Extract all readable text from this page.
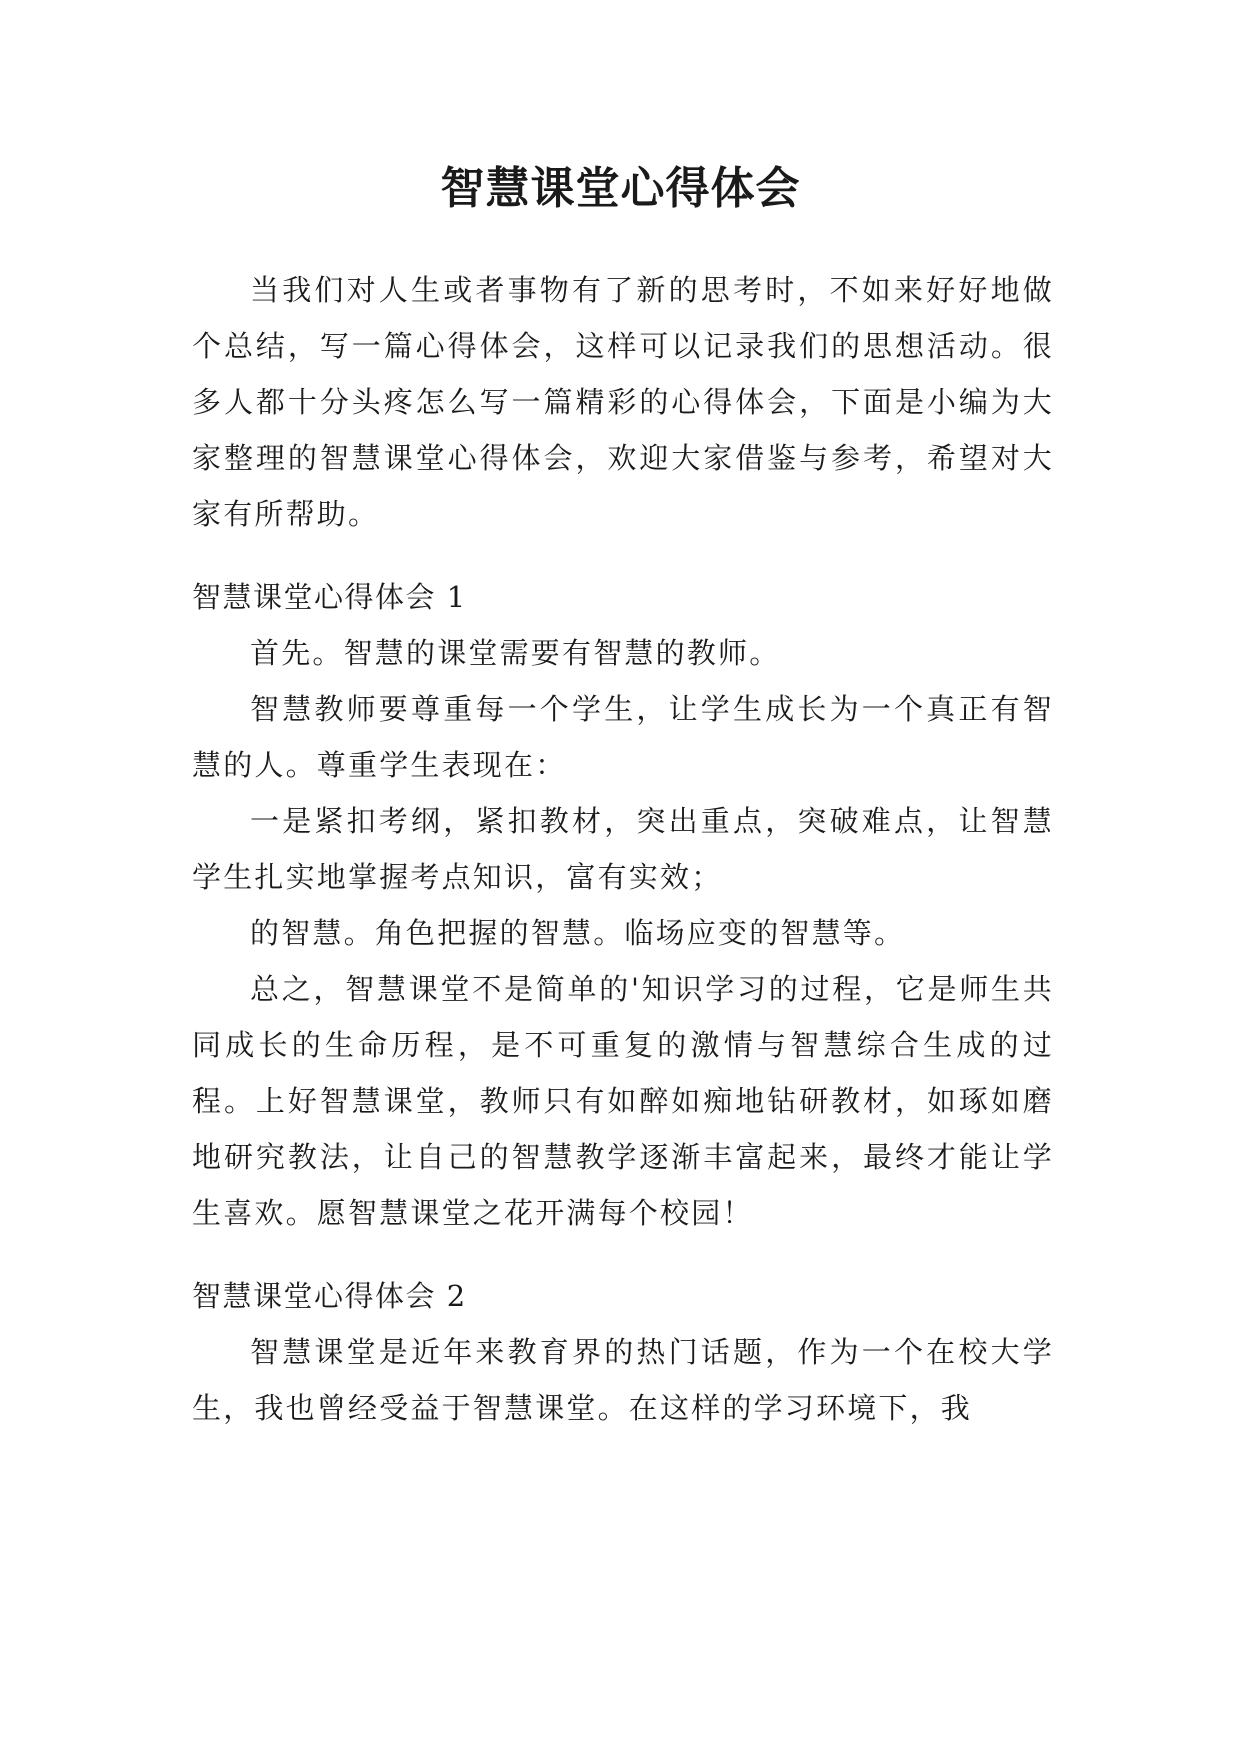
智慧课堂心得体会

当我们对人生或者事物有了新的思考时，不如来好好地做个总结，写一篇心得体会，这样可以记录我们的思想活动。很多人都十分头疼怎么写一篇精彩的心得体会，下面是小编为大家整理的智慧课堂心得体会，欢迎大家借鉴与参考，希望对大家有所帮助。

智慧课堂心得体会 1

首先。智慧的课堂需要有智慧的教师。

智慧教师要尊重每一个学生，让学生成长为一个真正有智慧的人。尊重学生表现在：

一是紧扣考纲，紧扣教材，突出重点，突破难点，让智慧学生扎实地掌握考点知识，富有实效；

的智慧。角色把握的智慧。临场应变的智慧等。

总之，智慧课堂不是简单的'知识学习的过程，它是师生共同成长的生命历程，是不可重复的激情与智慧综合生成的过程。上好智慧课堂，教师只有如醉如痴地钻研教材，如琢如磨地研究教法，让自己的智慧教学逐渐丰富起来，最终才能让学生喜欢。愿智慧课堂之花开满每个校园！

智慧课堂心得体会 2

智慧课堂是近年来教育界的热门话题，作为一个在校大学生，我也曾经受益于智慧课堂。在这样的学习环境下，我
